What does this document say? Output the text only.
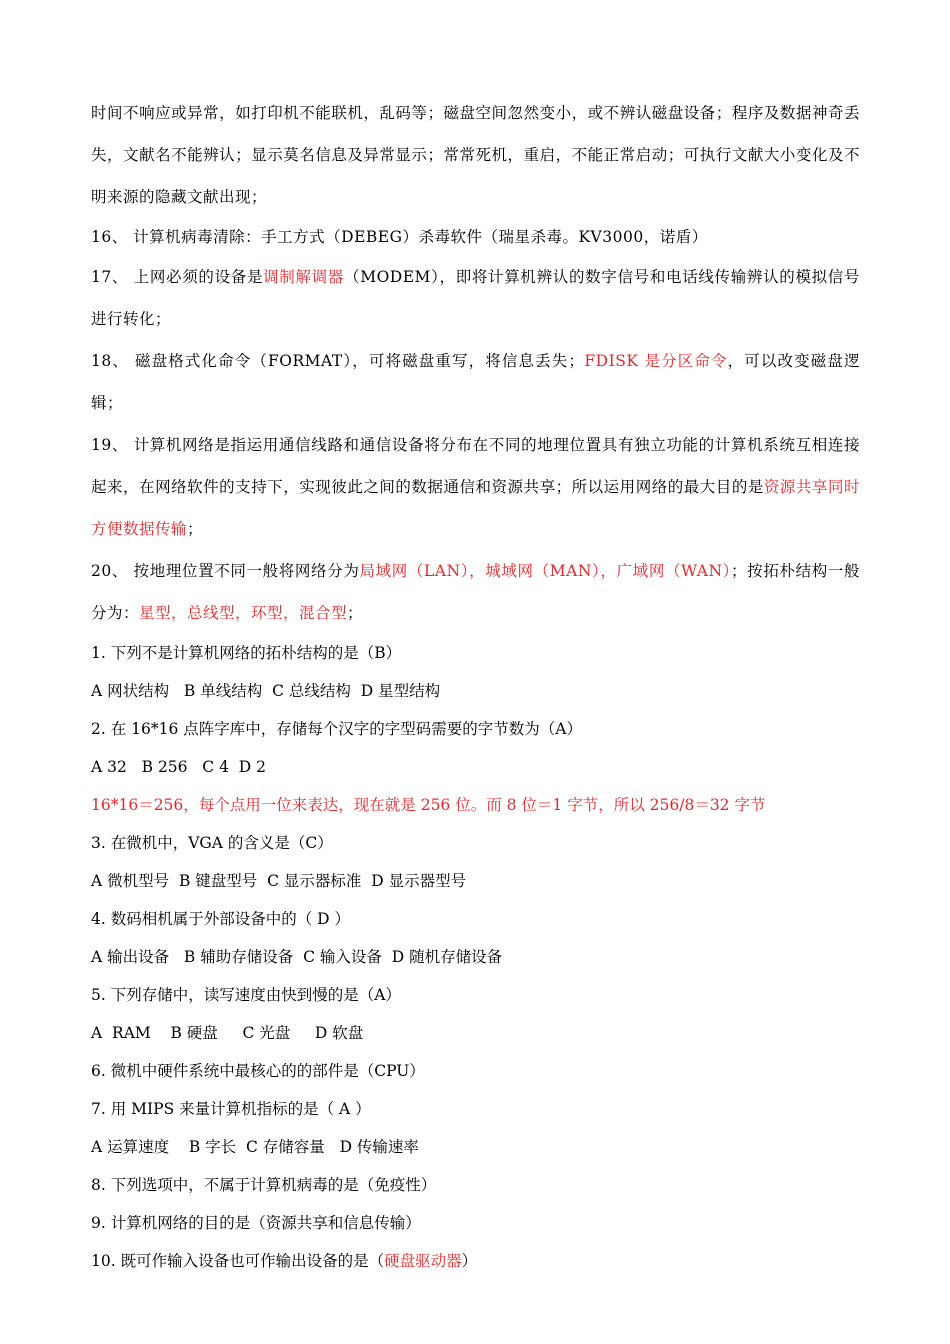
时间不响应或异常，如打印机不能联机，乱码等；磁盘空间忽然变小，或不辨认磁盘设备；程序及数据神奇丢失，文献名不能辨认；显示莫名信息及异常显示；常常死机，重启，不能正常启动；可执行文献大小变化及不明来源的隐藏文献出现；

16、 计算机病毒清除：手工方式（DEBEG）杀毒软件（瑞星杀毒。KV3000，诺盾）

17、 上网必须的设备是调制解调器（MODEM），即将计算机辨认的数字信号和电话线传输辨认的模拟信号进行转化；

18、 磁盘格式化命令（FORMAT），可将磁盘重写，将信息丢失；FDISK 是分区命令，可以改变磁盘逻辑；

19、 计算机网络是指运用通信线路和通信设备将分布在不同的地理位置具有独立功能的计算机系统互相连接起来，在网络软件的支持下，实现彼此之间的数据通信和资源共享；所以运用网络的最大目的是资源共享同时方便数据传输；

20、 按地理位置不同一般将网络分为局域网（LAN），城域网（MAN），广域网（WAN）；按拓朴结构一般分为：星型，总线型，环型，混合型；

1. 下列不是计算机网络的拓朴结构的是（B）

A 网状结构   B 单线结构  C 总线结构  D 星型结构

2. 在 16*16 点阵字库中，存储每个汉字的字型码需要的字节数为（A）

A 32   B 256   C 4  D 2

16*16＝256，每个点用一位来表达，现在就是 256 位。而 8 位＝1 字节，所以 256/8＝32 字节

3. 在微机中，VGA 的含义是（C）

A 微机型号  B 键盘型号  C 显示器标准  D 显示器型号

4. 数码相机属于外部设备中的（ D ）

A 输出设备   B 辅助存储设备  C 输入设备  D 随机存储设备

5. 下列存储中，读写速度由快到慢的是（A）

A  RAM    B 硬盘     C 光盘     D 软盘

6. 微机中硬件系统中最核心的的部件是（CPU）

7. 用 MIPS 来量计算机指标的是（ A ）

A 运算速度    B 字长  C 存储容量   D 传输速率

8. 下列选项中，不属于计算机病毒的是（免疫性）

9. 计算机网络的目的是（资源共享和信息传输）

10. 既可作输入设备也可作输出设备的是（硬盘驱动器）
